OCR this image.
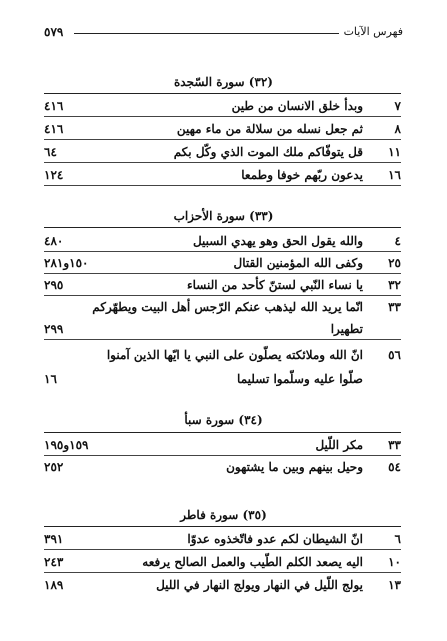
فهرس الآيات
٥٧٩
(٣٢) سورة السّجدة
٧
وبدأ خلق الانسان من طين
٤١٦
٨
ثم جعل نسله من سلالة من ماء مهين
٤١٦
١١
قل يتوفّاكم ملك الموت الذي وكّل بكم
٦٤
١٦
يدعون ربّهم خوفا وطمعا
١٢٤
(٣٣) سورة الأحزاب
٤
والله يقول الحق وهو يهدي السبيل
٤٨٠
٢٥
وكفى الله المؤمنين القتال
١٥٠و٢٨١
٣٢
يا نساء النّبي لستنّ كأحد من النساء
٢٩٥
٣٣
انّما يريد الله ليذهب عنكم الرّجس أهل البيت ويطهّركم
تطهيرا
٢٩٩
٥٦
انّ الله وملائكته يصلّون على النبي يا ايّها الذين آمنوا
صلّوا عليه وسلّموا تسليما
١٦
(٣٤) سورة سبأ
٣٣
مكر اللّيل
١٥٩و١٩٥
٥٤
وحيل بينهم وبين ما يشتهون
٢٥٢
(٣٥) سورة فاطر
٦
انّ الشيطان لكم عدو فاتّخذوه عدوّا
٣٩١
١٠
اليه يصعد الكلم الطّيب والعمل الصالح يرفعه
٢٤٣
١٣
يولج اللّيل في النهار ويولج النهار في الليل
١٨٩
